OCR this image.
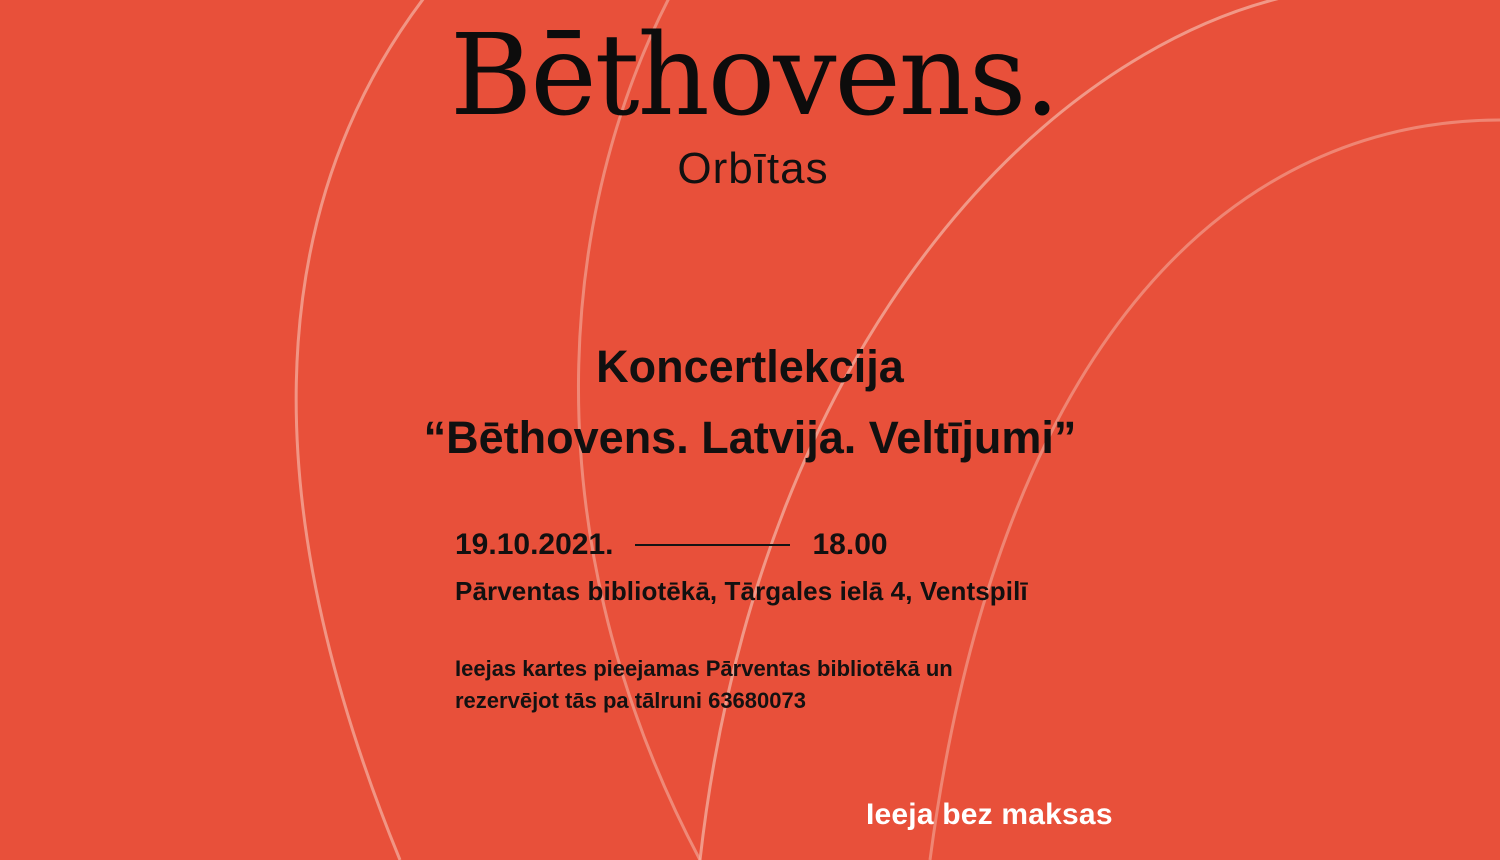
Bēthovens.
Orbītas
Koncertlekcija
“Bēthovens. Latvija. Veltījumi”
19.10.2021.	18.00
Pārventas bibliotēkā, Tārgales ielā 4, Ventspilī
Ieejas kartes pieejamas Pārventas bibliotēkā un
rezervējot tās pa tālruni 63680073
Ieeja bez maksas
